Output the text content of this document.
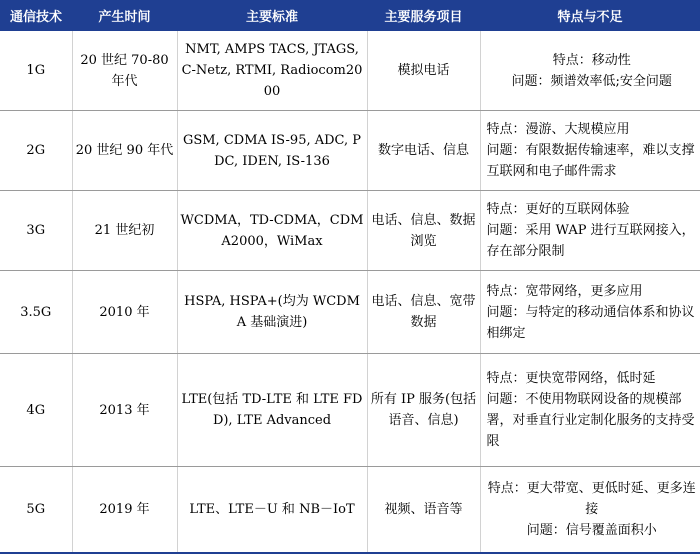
通信技术	产生时间	主要标准	主要服务项目	特点与不足
1G	20 世纪 70-80 年代	NMT, AMPS TACS, JTAGS, C-Netz, RTMI, Radiocom2000	模拟电话	特点：移动性
问题：频谱效率低;安全问题

2G	20 世纪 90 年代	GSM, CDMA IS-95, ADC, PDC, IDEN, IS-136	数字电话、信息	特点：漫游、大规模应用
问题：有限数据传输速率，难以支撑互联网和电子邮件需求

3G	21 世纪初	WCDMA，TD-CDMA，CDMA2000，WiMax	电话、信息、数据浏览	特点：更好的互联网体验
问题：采用 WAP 进行互联网接入，存在部分限制

3.5G	2010 年	HSPA, HSPA+(均为 WCDMA 基础演进)	电话、信息、宽带数据	特点：宽带网络，更多应用
问题：与特定的移动通信体系和协议相绑定

4G	2013 年	LTE(包括 TD-LTE 和 LTE FDD), LTE Advanced	所有 IP 服务(包括语音、信息)	特点：更快宽带网络，低时延
问题：不使用物联网设备的规模部署，对垂直行业定制化服务的支持受限

5G	2019 年	LTE、LTE－U 和 NB－IoT	视频、语音等	特点：更大带宽、更低时延、更多连接
问题：信号覆盖面积小
